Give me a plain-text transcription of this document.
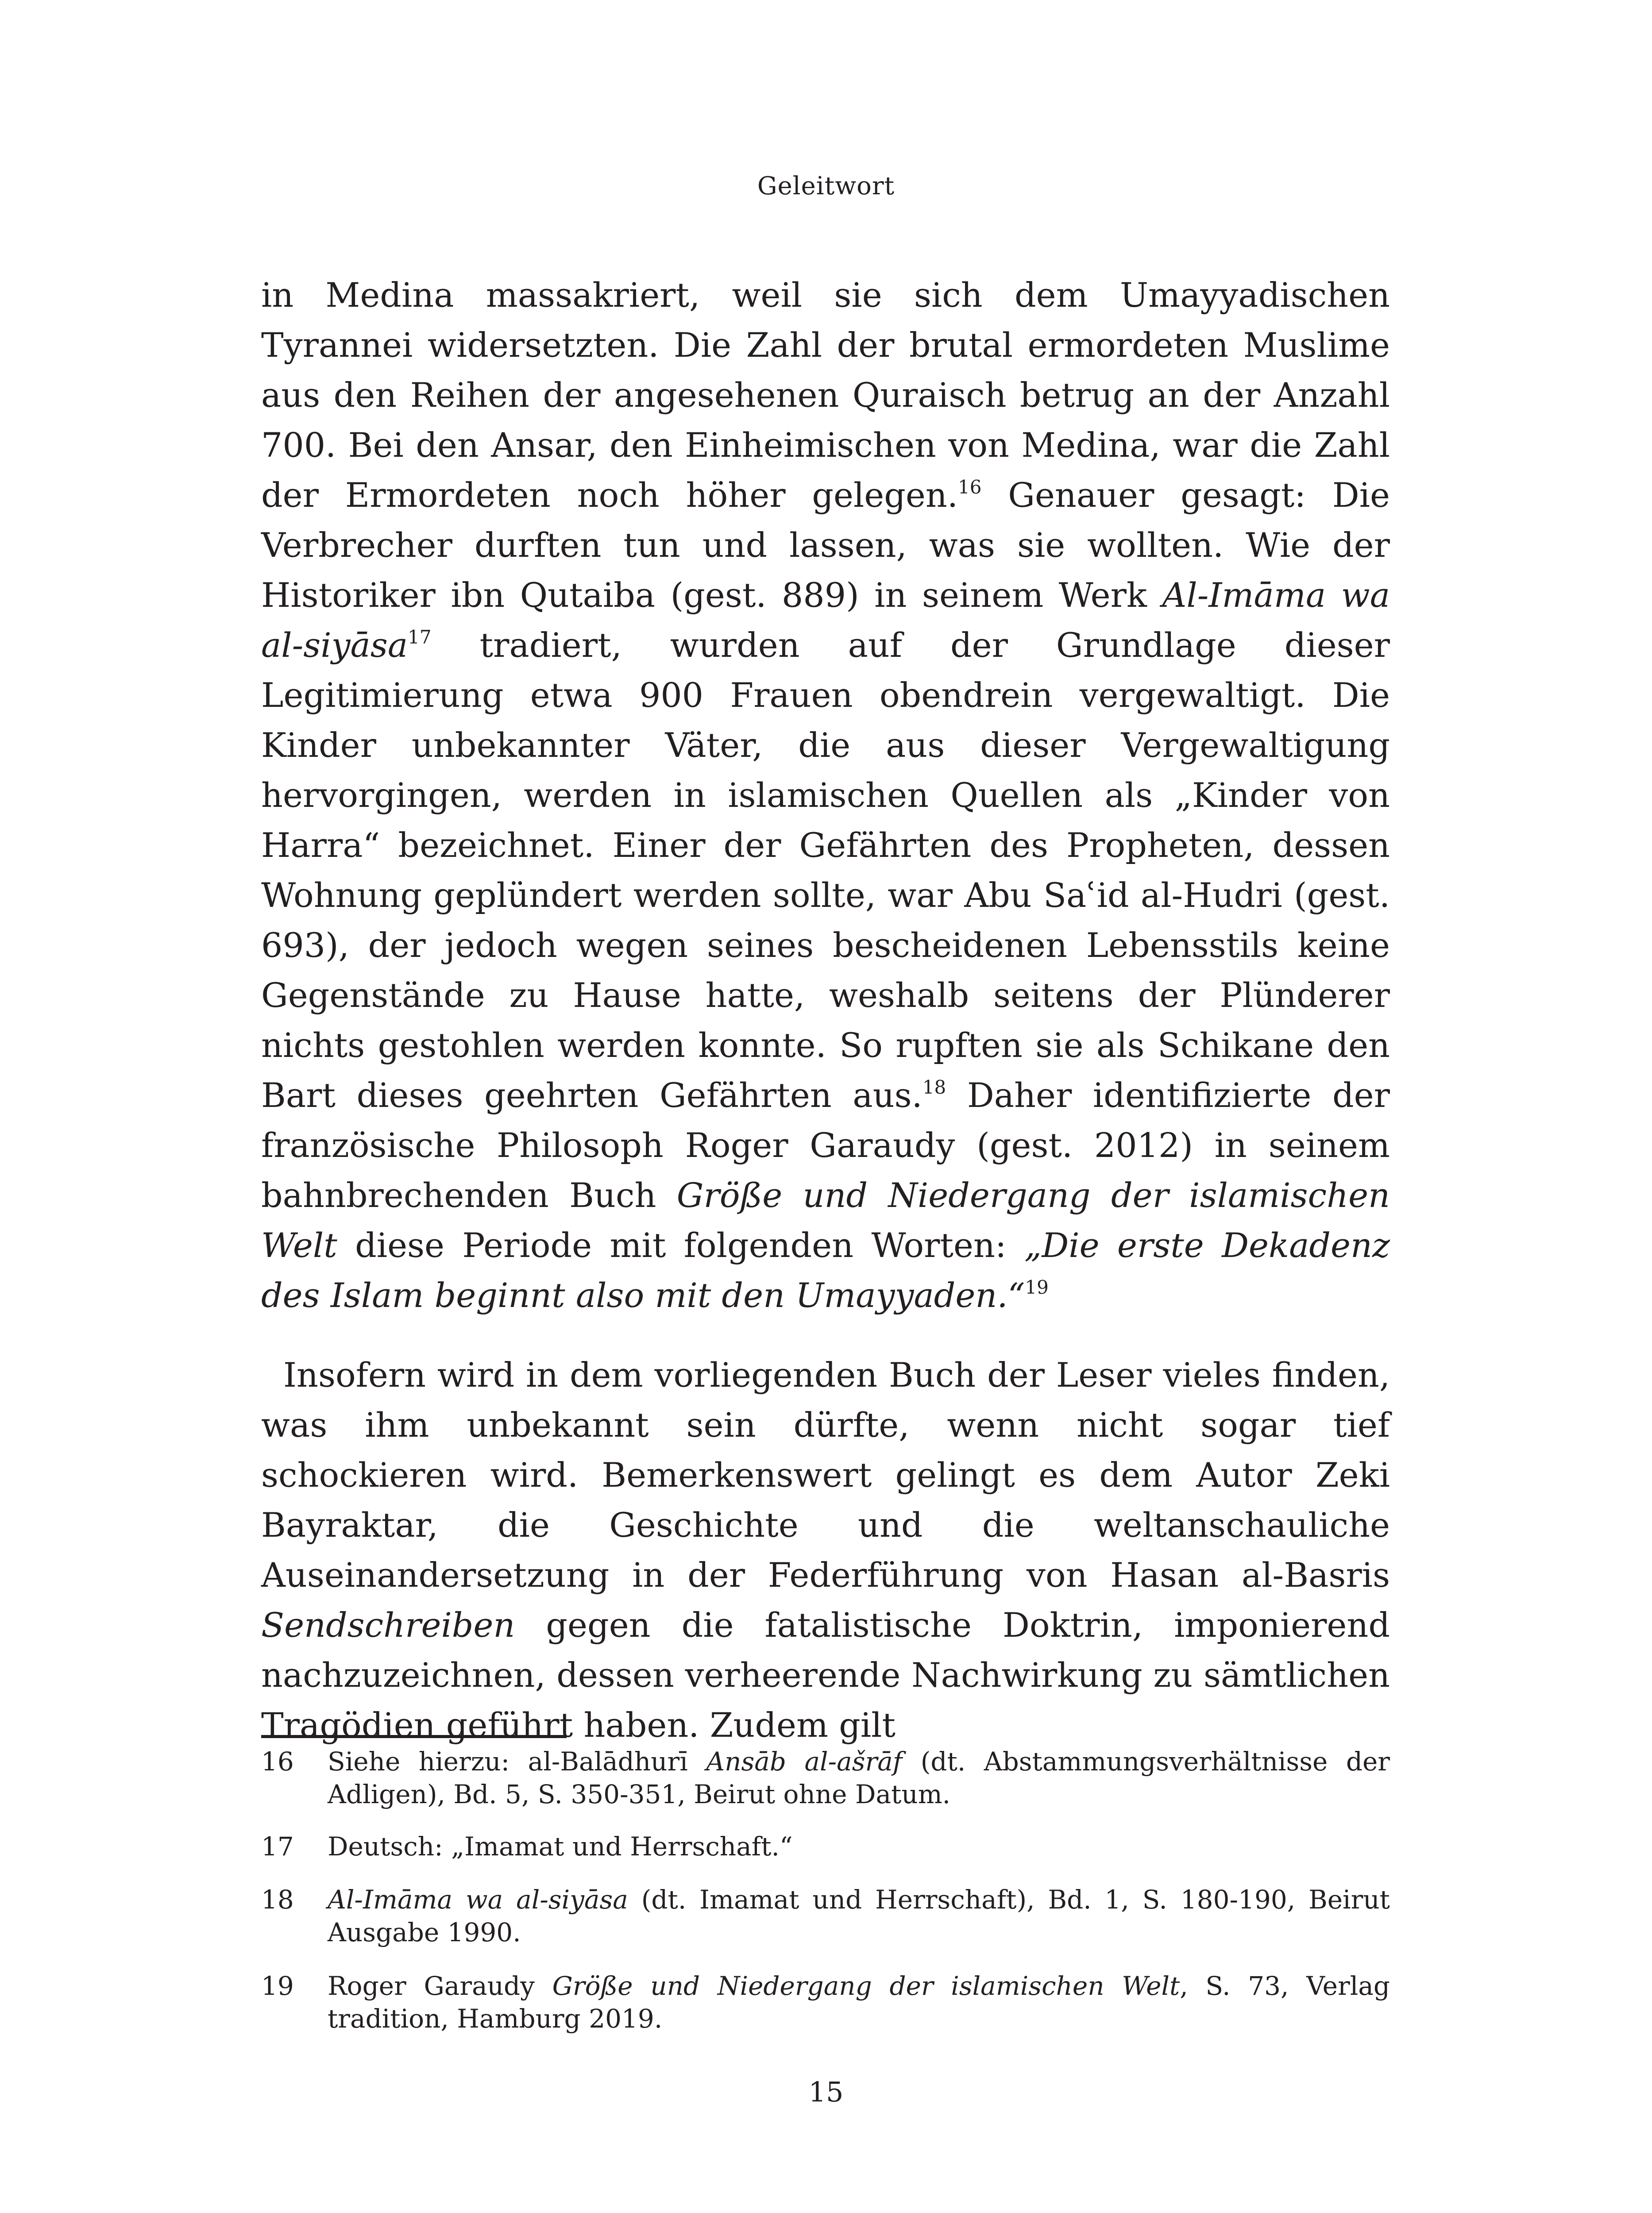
Geleitwort

in Medina massakriert, weil sie sich dem Umayyadischen Tyrannei widersetzten. Die Zahl der brutal ermordeten Muslime aus den Reihen der angesehenen Quraisch betrug an der Anzahl 700. Bei den Ansar, den Einheimischen von Medina, war die Zahl der Ermordeten noch höher gelegen.$^{16}$ Genauer gesagt: Die Verbrecher durften tun und lassen, was sie wollten. Wie der Historiker ibn Qutaiba (gest. 889) in seinem Werk Al-Imāma wa al-siyāsa$^{17}$ tradiert, wurden auf der Grundlage dieser Legitimierung etwa 900 Frauen obendrein vergewaltigt. Die Kinder unbekannter Väter, die aus dieser Vergewaltigung hervorgingen, werden in islamischen Quellen als „Kinder von Harra“ bezeichnet. Einer der Gefährten des Propheten, dessen Wohnung geplündert werden sollte, war Abu Saʿid al-Hudri (gest. 693), der jedoch wegen seines bescheidenen Lebensstils keine Gegenstände zu Hause hatte, weshalb seitens der Plünderer nichts gestohlen werden konnte. So rupften sie als Schikane den Bart dieses geehrten Gefährten aus.$^{18}$ Daher identifizierte der französische Philosoph Roger Garaudy (gest. 2012) in seinem bahnbrechenden Buch Größe und Niedergang der islamischen Welt diese Periode mit folgenden Worten: „Die erste Dekadenz des Islam beginnt also mit den Umayyaden.“$^{19}$

Insofern wird in dem vorliegenden Buch der Leser vieles finden, was ihm unbekannt sein dürfte, wenn nicht sogar tief schockieren wird. Bemerkenswert gelingt es dem Autor Zeki Bayraktar, die Geschichte und die weltanschauliche Auseinandersetzung in der Federführung von Hasan al-Basris Sendschreiben gegen die fatalistische Doktrin, imponierend nachzuzeichnen, dessen verheerende Nachwirkung zu sämtlichen Tragödien geführt haben. Zudem gilt

16	Siehe hierzu: al-Balādhurī Ansāb al-ašrāf (dt. Abstammungsverhältnisse der Adligen), Bd. 5, S. 350-351, Beirut ohne Datum.
17	Deutsch: „Imamat und Herrschaft.“
18	Al-Imāma wa al-siyāsa (dt. Imamat und Herrschaft), Bd. 1, S. 180-190, Beirut Ausgabe 1990.
19	Roger Garaudy Größe und Niedergang der islamischen Welt, S. 73, Verlag tradition, Hamburg 2019.
15
